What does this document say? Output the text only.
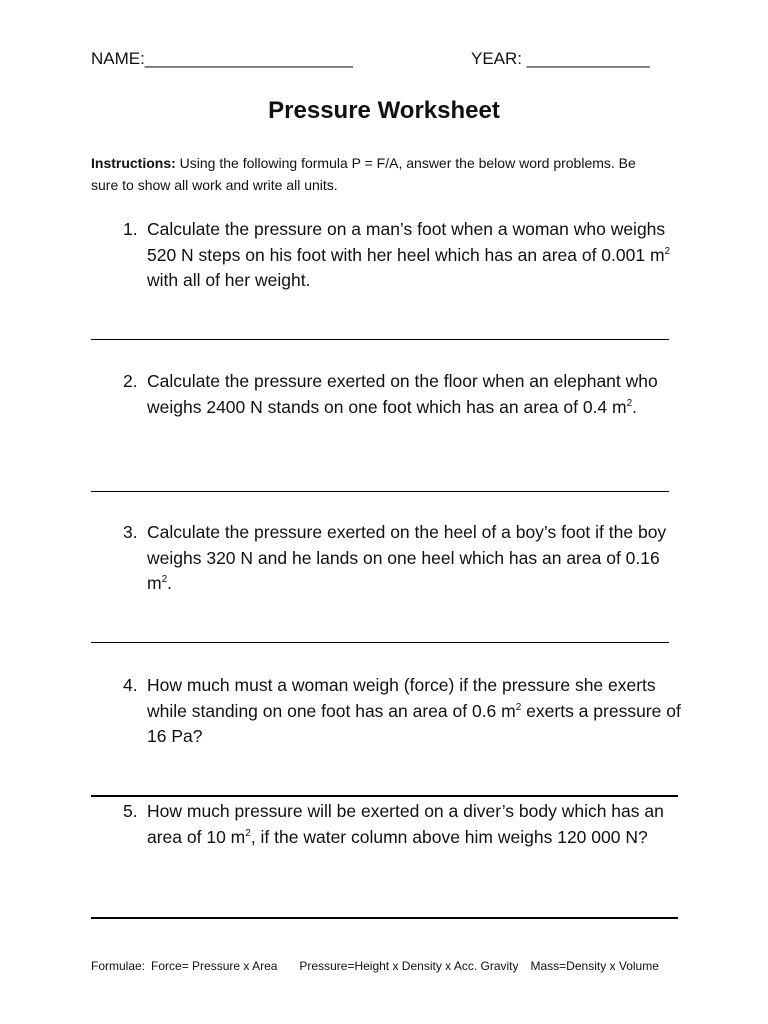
NAME:______________________	YEAR: _____________
Pressure Worksheet
Instructions: Using the following formula P = F/A, answer the below word problems. Be sure to show all work and write all units.
1. Calculate the pressure on a man’s foot when a woman who weighs 520 N steps on his foot with her heel which has an area of 0.001 $m^2$ with all of her weight.
2. Calculate the pressure exerted on the floor when an elephant who weighs 2400 N stands on one foot which has an area of 0.4 $m^2$.
3. Calculate the pressure exerted on the heel of a boy’s foot if the boy weighs 320 N and he lands on one heel which has an area of 0.16 $m^2$.
4. How much must a woman weigh (force) if the pressure she exerts while standing on one foot has an area of 0.6 $m^2$ exerts a pressure of 16 Pa?
5. How much pressure will be exerted on a diver’s body which has an area of 10 $m^2$, if the water column above him weighs 120 000 N?
Formulae: Force= Pressure x Area Pressure=Height x Density x Acc. Gravity Mass=Density x Volume
